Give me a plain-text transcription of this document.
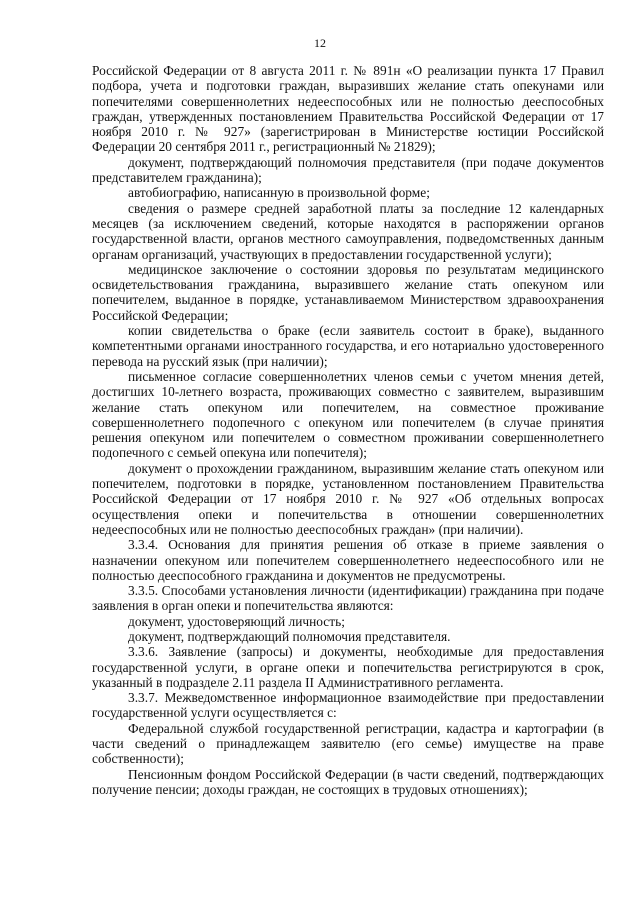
12

Российской Федерации от 8 августа 2011 г. № 891н «О реализации пункта 17 Правил подбора, учета и подготовки граждан, выразивших желание стать опекунами или попечителями совершеннолетних недееспособных или не полностью дееспособных граждан, утвержденных постановлением Правительства Российской Федерации от 17 ноября 2010 г. № 927» (зарегистрирован в Министерстве юстиции Российской Федерации 20 сентября 2011 г., регистрационный № 21829);

документ, подтверждающий полномочия представителя (при подаче документов представителем гражданина);

автобиографию, написанную в произвольной форме;

сведения о размере средней заработной платы за последние 12 календарных месяцев (за исключением сведений, которые находятся в распоряжении органов государственной власти, органов местного самоуправления, подведомственных данным органам организаций, участвующих в предоставлении государственной услуги);

медицинское заключение о состоянии здоровья по результатам медицинского освидетельствования гражданина, выразившего желание стать опекуном или попечителем, выданное в порядке, устанавливаемом Министерством здравоохранения Российской Федерации;

копии свидетельства о браке (если заявитель состоит в браке), выданного компетентными органами иностранного государства, и его нотариально удостоверенного перевода на русский язык (при наличии);

письменное согласие совершеннолетних членов семьи с учетом мнения детей, достигших 10-летнего возраста, проживающих совместно с заявителем, выразившим желание стать опекуном или попечителем, на совместное проживание совершеннолетнего подопечного с опекуном или попечителем (в случае принятия решения опекуном или попечителем о совместном проживании совершеннолетнего подопечного с семьей опекуна или попечителя);

документ о прохождении гражданином, выразившим желание стать опекуном или попечителем, подготовки в порядке, установленном постановлением Правительства Российской Федерации от 17 ноября 2010 г. № 927 «Об отдельных вопросах осуществления опеки и попечительства в отношении совершеннолетних недееспособных или не полностью дееспособных граждан» (при наличии).

3.3.4. Основания для принятия решения об отказе в приеме заявления о назначении опекуном или попечителем совершеннолетнего недееспособного или не полностью дееспособного гражданина и документов не предусмотрены.

3.3.5. Способами установления личности (идентификации) гражданина при подаче заявления в орган опеки и попечительства являются:

документ, удостоверяющий личность;

документ, подтверждающий полномочия представителя.

3.3.6. Заявление (запросы) и документы, необходимые для предоставления государственной услуги, в органе опеки и попечительства регистрируются в срок, указанный в подразделе 2.11 раздела II Административного регламента.

3.3.7. Межведомственное информационное взаимодействие при предоставлении государственной услуги осуществляется с:

Федеральной службой государственной регистрации, кадастра и картографии (в части сведений о принадлежащем заявителю (его семье) имуществе на праве собственности);

Пенсионным фондом Российской Федерации (в части сведений, подтверждающих получение пенсии; доходы граждан, не состоящих в трудовых отношениях);
